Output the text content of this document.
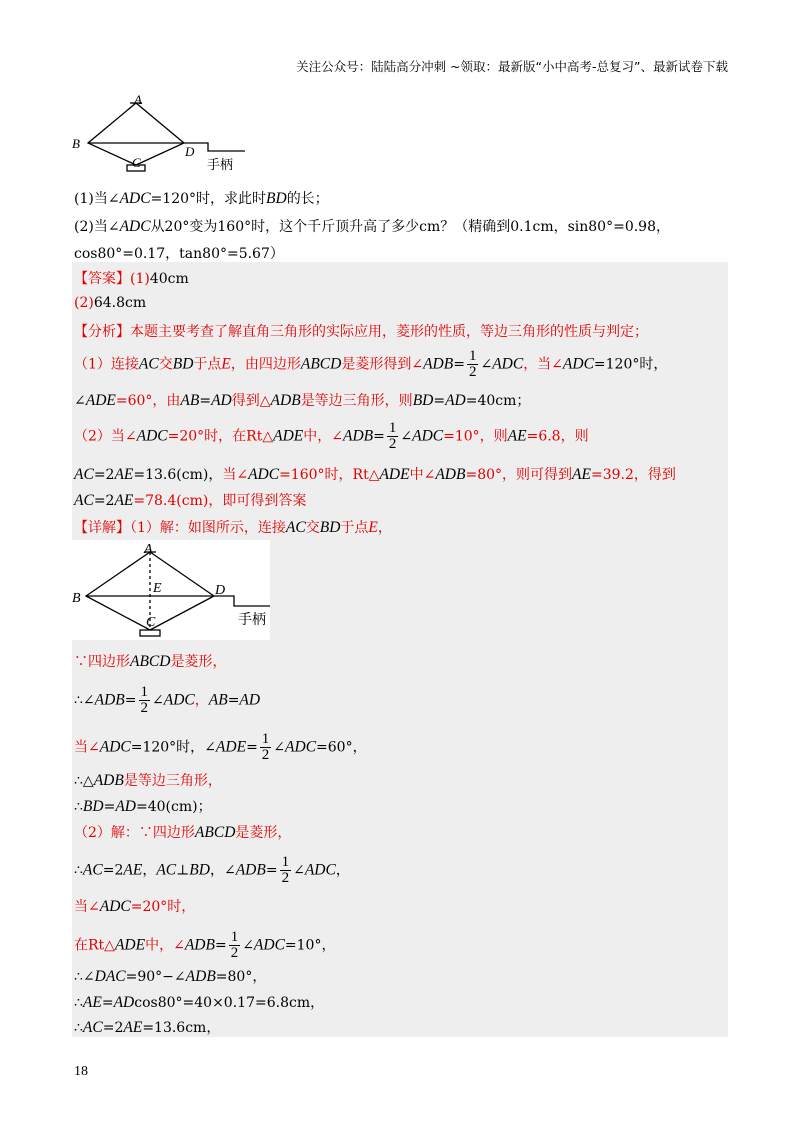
关注公众号：陆陆高分冲刺 ~领取：最新版“小中高考-总复习”、最新试卷下载
A
B
C
D
手柄
(1)当∠ADC=120°时，求此时BD的长；
(2)当∠ADC从20°变为160°时，这个千斤顶升高了多少cm？（精确到0.1cm，sin80°=0.98，
cos80°=0.17，tan80°=5.67）
【答案】(1)40cm
(2)64.8cm
【分析】本题主要考查了解直角三角形的实际应用，菱形的性质，等边三角形的性质与判定；
（1）连接AC交BD于点E，由四边形ABCD是菱形得到∠ADB= $\frac{1}{2}$ ∠ADC，当∠ADC=120°时，
∠ADE=60°，由AB=AD得到△ADB是等边三角形，则BD=AD=40cm；
（2）当∠ADC=20°时，在Rt△ADE中，∠ADB= $\frac{1}{2}$ ∠ADC=10°，则AE=6.8，则
AC=2AE=13.6(cm)，当∠ADC=160°时，Rt△ADE中∠ADB=80°，则可得到AE=39.2，得到
AC=2AE=78.4(cm)，即可得到答案
【详解】（1）解：如图所示，连接AC交BD于点E，
A
B
E
C
D
手柄
∵四边形ABCD是菱形，
∴∠ADB= $\frac{1}{2}$ ∠ADC，AB=AD
当∠ADC=120°时，∠ADE= $\frac{1}{2}$ ∠ADC=60°，
∴△ADB是等边三角形，
∴BD=AD=40(cm)；
（2）解：∵四边形ABCD是菱形，
∴AC=2AE，AC⊥BD，∠ADB= $\frac{1}{2}$ ∠ADC，
当∠ADC=20°时，
在Rt△ADE中，∠ADB= $\frac{1}{2}$ ∠ADC=10°，
∴∠DAC=90°−∠ADB=80°，
∴AE=ADcos80°=40×0.17=6.8cm，
∴AC=2AE=13.6cm，
18
